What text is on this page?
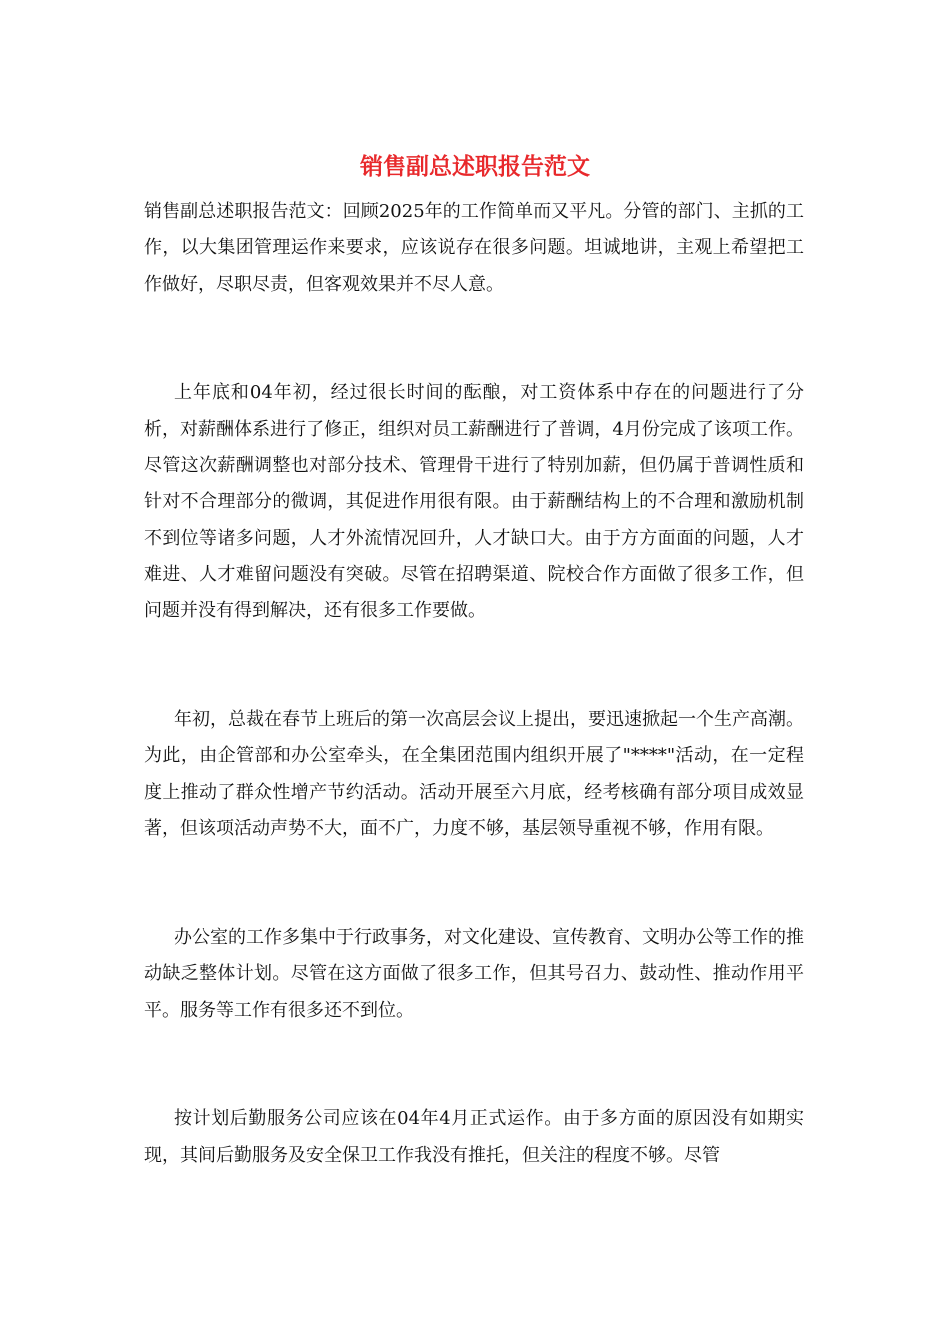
销售副总述职报告范文

销售副总述职报告范文：回顾2025年的工作简单而又平凡。分管的部门、主抓的工作，以大集团管理运作来要求，应该说存在很多问题。坦诚地讲，主观上希望把工作做好，尽职尽责，但客观效果并不尽人意。

上年底和04年初，经过很长时间的酝酿，对工资体系中存在的问题进行了分析，对薪酬体系进行了修正，组织对员工薪酬进行了普调，4月份完成了该项工作。尽管这次薪酬调整也对部分技术、管理骨干进行了特别加薪，但仍属于普调性质和针对不合理部分的微调，其促进作用很有限。由于薪酬结构上的不合理和激励机制不到位等诸多问题，人才外流情况回升，人才缺口大。由于方方面面的问题，人才难进、人才难留问题没有突破。尽管在招聘渠道、院校合作方面做了很多工作，但问题并没有得到解决，还有很多工作要做。

年初，总裁在春节上班后的第一次高层会议上提出，要迅速掀起一个生产高潮。为此，由企管部和办公室牵头，在全集团范围内组织开展了"****"活动，在一定程度上推动了群众性增产节约活动。活动开展至六月底，经考核确有部分项目成效显著，但该项活动声势不大，面不广，力度不够，基层领导重视不够，作用有限。

办公室的工作多集中于行政事务，对文化建设、宣传教育、文明办公等工作的推动缺乏整体计划。尽管在这方面做了很多工作，但其号召力、鼓动性、推动作用平平。服务等工作有很多还不到位。

按计划后勤服务公司应该在04年4月正式运作。由于多方面的原因没有如期实现，其间后勤服务及安全保卫工作我没有推托，但关注的程度不够。尽管
